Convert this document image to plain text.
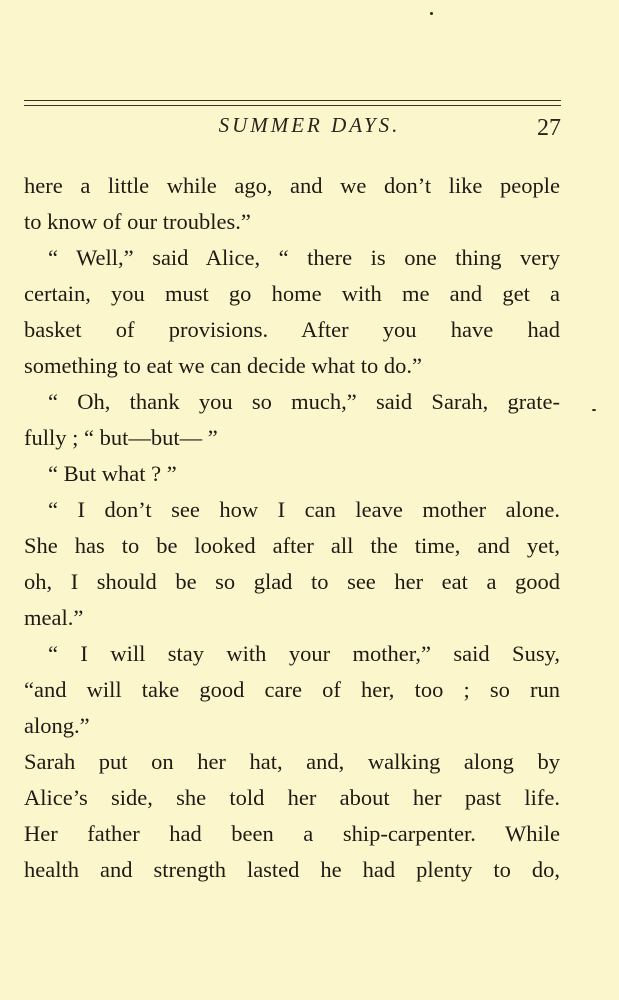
SUMMER DAYS.	27
here a little while ago, and we don’t like people
to know of our troubles.”
“ Well,” said Alice, “ there is one thing very
certain, you must go home with me and get a
basket of provisions. After you have had
something to eat we can decide what to do.”
“ Oh, thank you so much,” said Sarah, grate-
fully ; “ but—but— ”
“ But what ? ”
“ I don’t see how I can leave mother alone.
She has to be looked after all the time, and yet,
oh, I should be so glad to see her eat a good
meal.”
“ I will stay with your mother,” said Susy,
“and will take good care of her, too ; so run
along.”
Sarah put on her hat, and, walking along by
Alice’s side, she told her about her past life.
Her father had been a ship-carpenter. While
health and strength lasted he had plenty to do,
